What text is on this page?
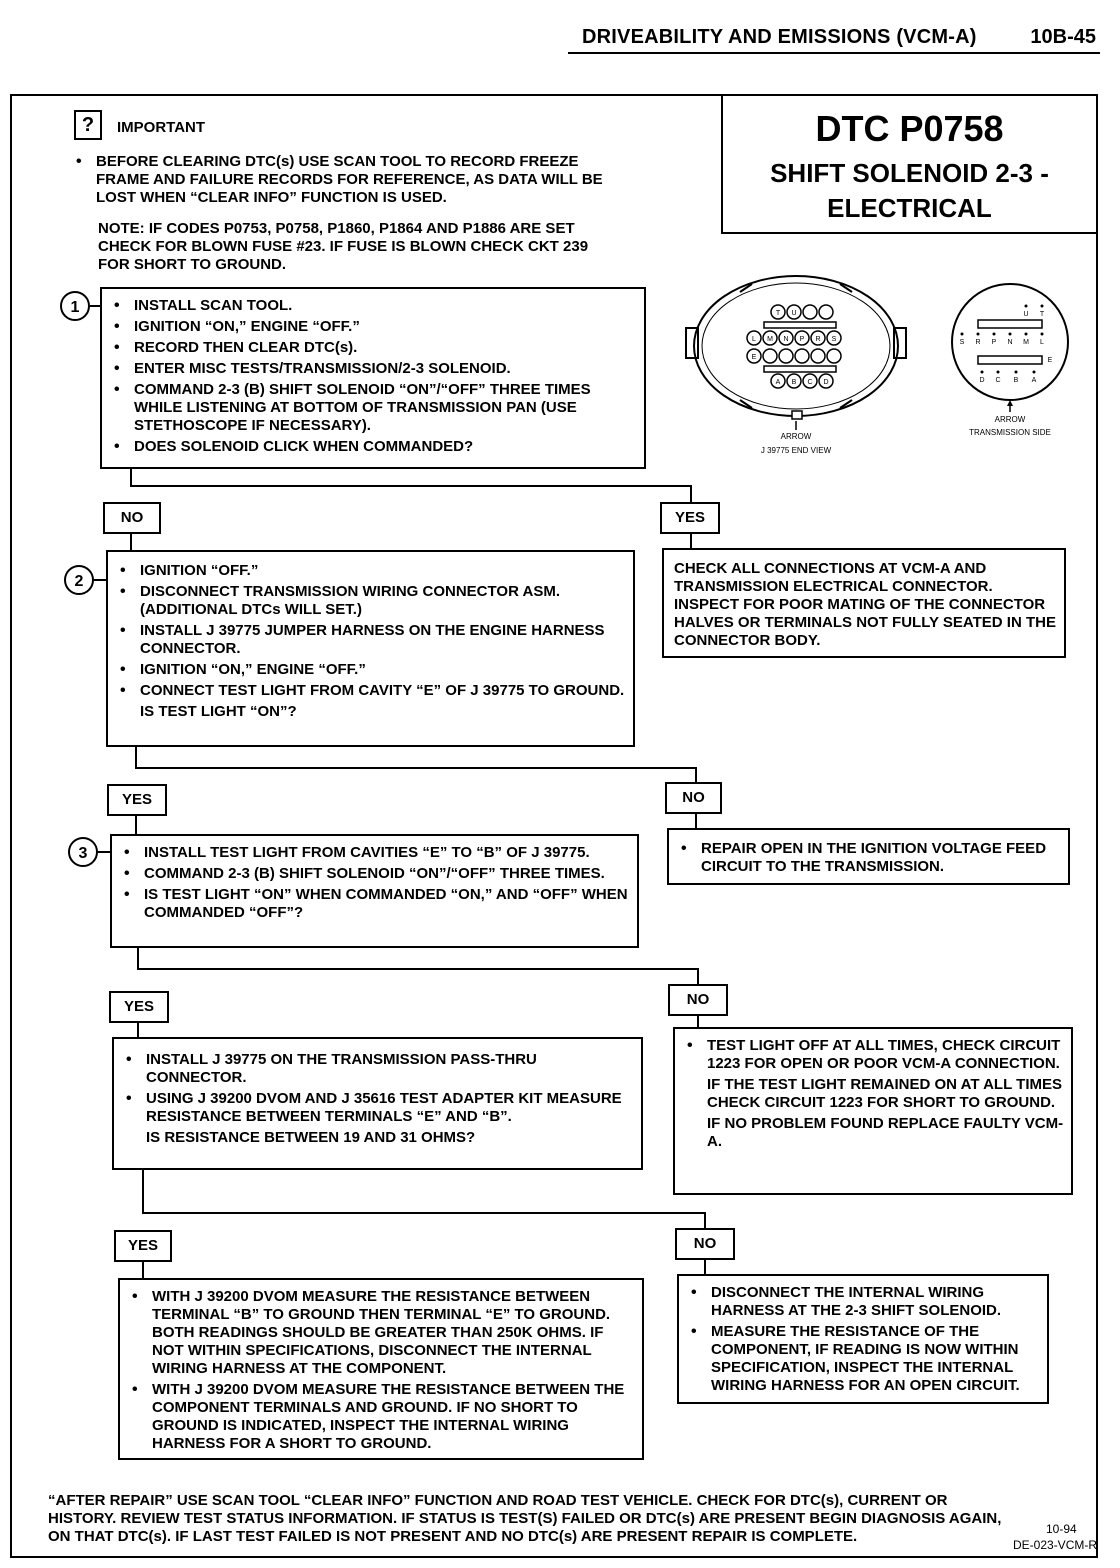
DRIVEABILITY AND EMISSIONS (VCM-A)	10B-45
DTC P0758
SHIFT SOLENOID 2-3 -
ELECTRICAL
?	IMPORTANT
• BEFORE CLEARING DTC(s) USE SCAN TOOL TO RECORD FREEZE FRAME AND FAILURE RECORDS FOR REFERENCE, AS DATA WILL BE LOST WHEN “CLEAR INFO” FUNCTION IS USED.
NOTE: IF CODES P0753, P0758, P1860, P1864 AND P1886 ARE SET CHECK FOR BLOWN FUSE #23. IF FUSE IS BLOWN CHECK CKT 239 FOR SHORT TO GROUND.
1	• INSTALL SCAN TOOL.
• IGNITION “ON,” ENGINE “OFF.”
• RECORD THEN CLEAR DTC(s).
• ENTER MISC TESTS/TRANSMISSION/2-3 SOLENOID.
• COMMAND 2-3 (B) SHIFT SOLENOID “ON”/“OFF” THREE TIMES WHILE LISTENING AT BOTTOM OF TRANSMISSION PAN (USE STETHOSCOPE IF NECESSARY).
• DOES SOLENOID CLICK WHEN COMMANDED?
T U
L M N P R S
E
A B C D
ARROW
J 39775 END VIEW
U T
S R P N M L
E
D C B A
ARROW
TRANSMISSION SIDE
NO	YES
CHECK ALL CONNECTIONS AT VCM-A AND TRANSMISSION ELECTRICAL CONNECTOR. INSPECT FOR POOR MATING OF THE CONNECTOR HALVES OR TERMINALS NOT FULLY SEATED IN THE CONNECTOR BODY.
2
• IGNITION “OFF.”
• DISCONNECT TRANSMISSION WIRING CONNECTOR ASM. (ADDITIONAL DTCs WILL SET.)
• INSTALL J 39775 JUMPER HARNESS ON THE ENGINE HARNESS CONNECTOR.
• IGNITION “ON,” ENGINE “OFF.”
• CONNECT TEST LIGHT FROM CAVITY “E” OF J 39775 TO GROUND.
IS TEST LIGHT “ON”?
YES	NO
• REPAIR OPEN IN THE IGNITION VOLTAGE FEED CIRCUIT TO THE TRANSMISSION.
3	• INSTALL TEST LIGHT FROM CAVITIES “E” TO “B” OF J 39775.
• COMMAND 2-3 (B) SHIFT SOLENOID “ON”/“OFF” THREE TIMES.
• IS TEST LIGHT “ON” WHEN COMMANDED “ON,” AND “OFF” WHEN COMMANDED “OFF”?
YES	NO
• INSTALL J 39775 ON THE TRANSMISSION PASS-THRU CONNECTOR.
• USING J 39200 DVOM AND J 35616 TEST ADAPTER KIT MEASURE RESISTANCE BETWEEN TERMINALS “E” AND “B”.
IS RESISTANCE BETWEEN 19 AND 31 OHMS?
• TEST LIGHT OFF AT ALL TIMES, CHECK CIRCUIT 1223 FOR OPEN OR POOR VCM-A CONNECTION.
IF THE TEST LIGHT REMAINED ON AT ALL TIMES CHECK CIRCUIT 1223 FOR SHORT TO GROUND.
IF NO PROBLEM FOUND REPLACE FAULTY VCM-A.
YES	NO
• WITH J 39200 DVOM MEASURE THE RESISTANCE BETWEEN TERMINAL “B” TO GROUND THEN TERMINAL “E” TO GROUND. BOTH READINGS SHOULD BE GREATER THAN 250K OHMS. IF NOT WITHIN SPECIFICATIONS, DISCONNECT THE INTERNAL WIRING HARNESS AT THE COMPONENT.
• WITH J 39200 DVOM MEASURE THE RESISTANCE BETWEEN THE COMPONENT TERMINALS AND GROUND. IF NO SHORT TO GROUND IS INDICATED, INSPECT THE INTERNAL WIRING HARNESS FOR A SHORT TO GROUND.
• DISCONNECT THE INTERNAL WIRING HARNESS AT THE 2-3 SHIFT SOLENOID.
• MEASURE THE RESISTANCE OF THE COMPONENT, IF READING IS NOW WITHIN SPECIFICATION, INSPECT THE INTERNAL WIRING HARNESS FOR AN OPEN CIRCUIT.
“AFTER REPAIR” USE SCAN TOOL “CLEAR INFO” FUNCTION AND ROAD TEST VEHICLE. CHECK FOR DTC(s), CURRENT OR HISTORY. REVIEW TEST STATUS INFORMATION. IF STATUS IS TEST(S) FAILED OR DTC(s) ARE PRESENT BEGIN DIAGNOSIS AGAIN, ON THAT DTC(s). IF LAST TEST FAILED IS NOT PRESENT AND NO DTC(s) ARE PRESENT REPAIR IS COMPLETE.	10-94
DE-023-VCM-R
